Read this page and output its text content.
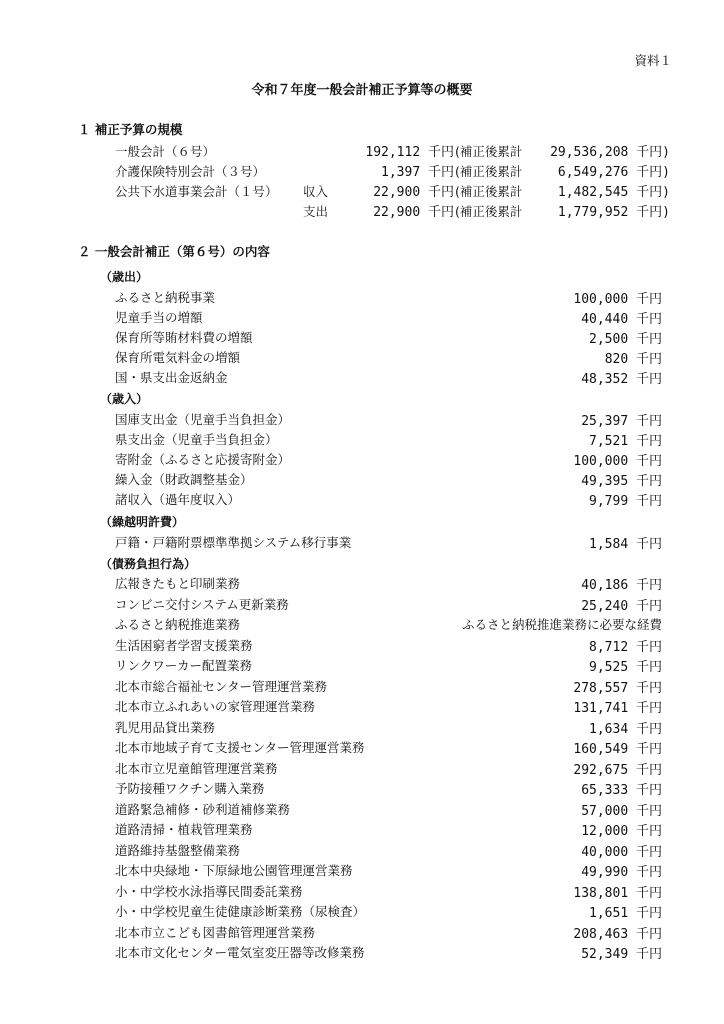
資料１
令和７年度一般会計補正予算等の概要
１ 補正予算の規模
一般会計（６号）	192,112 千円 (補正後累計 29,536,208 千円)
介護保険特別会計（３号）	1,397 千円 (補正後累計	6,549,276 千円)
公共下水道事業会計（１号） 収入	22,900 千円 (補正後累計	1,482,545 千円)
支出	22,900 千円 (補正後累計	1,779,952 千円)
２ 一般会計補正（第６号）の内容
（歳出）
ふるさと納税事業	100,000 千円
児童手当の増額	40,440 千円
保育所等賄材料費の増額	2,500 千円
保育所電気料金の増額	820 千円
国・県支出金返納金	48,352 千円
（歳入）
国庫支出金（児童手当負担金）	25,397 千円
県支出金（児童手当負担金）	7,521 千円
寄附金（ふるさと応援寄附金）	100,000 千円
繰入金（財政調整基金）	49,395 千円
諸収入（過年度収入）	9,799 千円
（繰越明許費）
戸籍・戸籍附票標準準拠システム移行事業	1,584 千円
（債務負担行為）
広報きたもと印刷業務	40,186 千円
コンビニ交付システム更新業務	25,240 千円
ふるさと納税推進業務	ふるさと納税推進業務に必要な経費
生活困窮者学習支援業務	8,712 千円
リンクワーカー配置業務	9,525 千円
北本市総合福祉センター管理運営業務	278,557 千円
北本市立ふれあいの家管理運営業務	131,741 千円
乳児用品貸出業務	1,634 千円
北本市地域子育て支援センター管理運営業務	160,549 千円
北本市立児童館管理運営業務	292,675 千円
予防接種ワクチン購入業務	65,333 千円
道路緊急補修・砂利道補修業務	57,000 千円
道路清掃・植栽管理業務	12,000 千円
道路維持基盤整備業務	40,000 千円
北本中央緑地・下原緑地公園管理運営業務	49,990 千円
小・中学校水泳指導民間委託業務	138,801 千円
小・中学校児童生徒健康診断業務（尿検査）	1,651 千円
北本市立こども図書館管理運営業務	208,463 千円
北本市文化センター電気室変圧器等改修業務	52,349 千円
